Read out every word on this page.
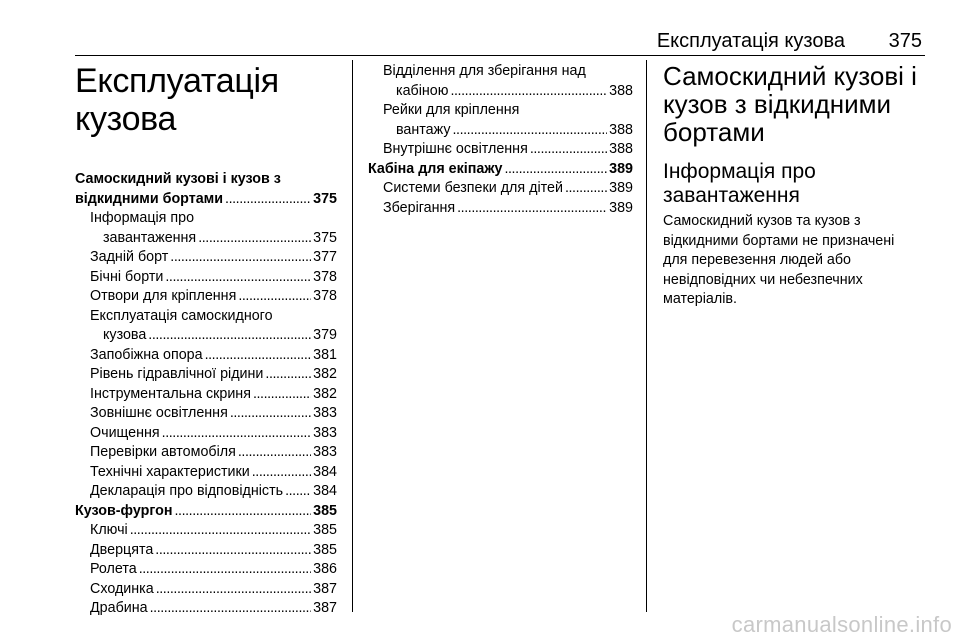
Експлуатація кузова 375
Експлуатація
кузова
Самоскидний кузові і кузов з
відкидними бортами . . .	375
Інформація про
завантаження . . .	375
Задній борт . . .	377
Бічні борти . . .	378
Отвори для кріплення . . .	378
Експлуатація самоскидного
кузова . . .	379
Запобіжна опора . . .	381
Рівень гідравлічної рідини . . .	382
Інструментальна скриня . . .	382
Зовнішнє освітлення . . .	383
Очищення . . .	383
Перевірки автомобіля . . .	383
Технічні характеристики . . .	384
Декларація про відповідність . . . 384
Кузов-фургон . . .	385
Ключі . . .	385
Дверцята . . .	385
Ролета . . .	386
Сходинка . . .	387
Драбина . . .	387
Відділення для зберігання над
кабіною . . .	388
Рейки для кріплення
вантажу . . .	388
Внутрішнє освітлення . . .	388
Кабіна для екіпажу . . .	389
Системи безпеки для дітей . . .	389
Зберігання . . .	389
Самоскидний кузові і
кузов з відкидними
бортами
Інформація про
завантаження

Самоскидний кузов та кузов з
відкидними бортами не призначені
для перевезення людей або
невідповідних чи небезпечних
матеріалів.

carmanualsonline.info
